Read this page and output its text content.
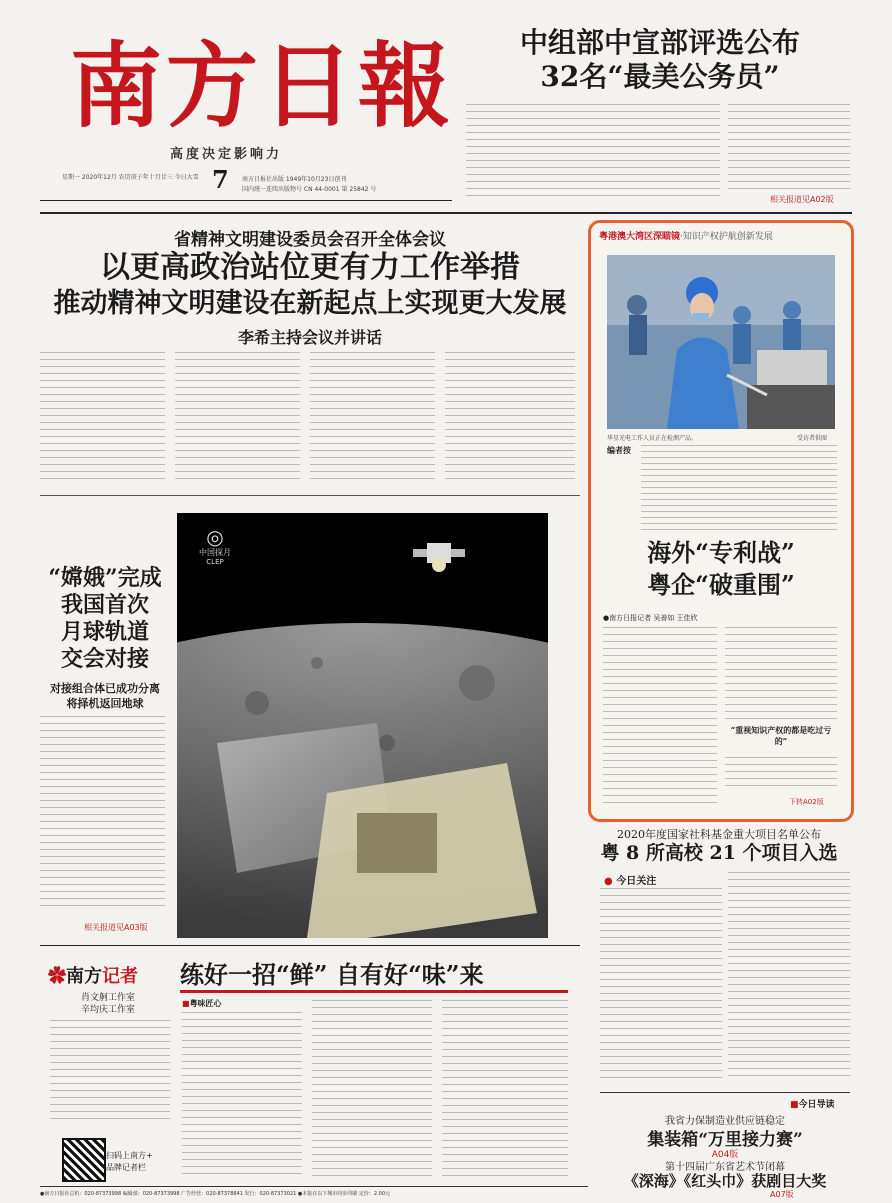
南方日報
高度决定影响力
星期一 2020年12月 农历庚子年十月廿三 今日大雪 7 南方日报社出版 1949年10月23日创刊
国内统一连续出版物号 CN 44-0001 第 25842 号
中组部中宣部评选公布
32名“最美公务员”
相关报道见A02版
省精神文明建设委员会召开全体会议
以更高政治站位更有力工作举措
推动精神文明建设在新起点上实现更大发展
李希主持会议并讲话
“嫦娥”完成
我国首次
月球轨道
交会对接
对接组合体已成功分离
将择机返回地球
相关报道见A03版
◎
中国探月
CLEP
粤港澳大湾区深瞄镜·知识产权护航创新发展
华星光电工作人员正在检测产品。	受访者供图
编者按
海外“专利战”
粤企“破重围”
●南方日报记者 吴善如 王佳欣
“重视知识产权的都是吃过亏的”
下转A02版
2020年度国家社科基金重大项目名单公布
粤 8 所高校 21 个项目入选
● 今日关注
✿南方记者
肖文舸工作室
辛均庆工作室
扫码上南方+
品牌记者栏
练好一招“鲜” 自有好“味”来
■粤味匠心
■今日导读
我省力保制造业供应链稳定
集装箱“万里接力赛”
A04版
第十四届广东省艺术节闭幕
《深海》《红头巾》获剧目大奖
A07版
●南方日报社总机：020-87373998 编辑部：020-87373998 广告经营：020-87378841 发行：020-87373021 ●本报在以下城市同步印刷 定价：2.00元
